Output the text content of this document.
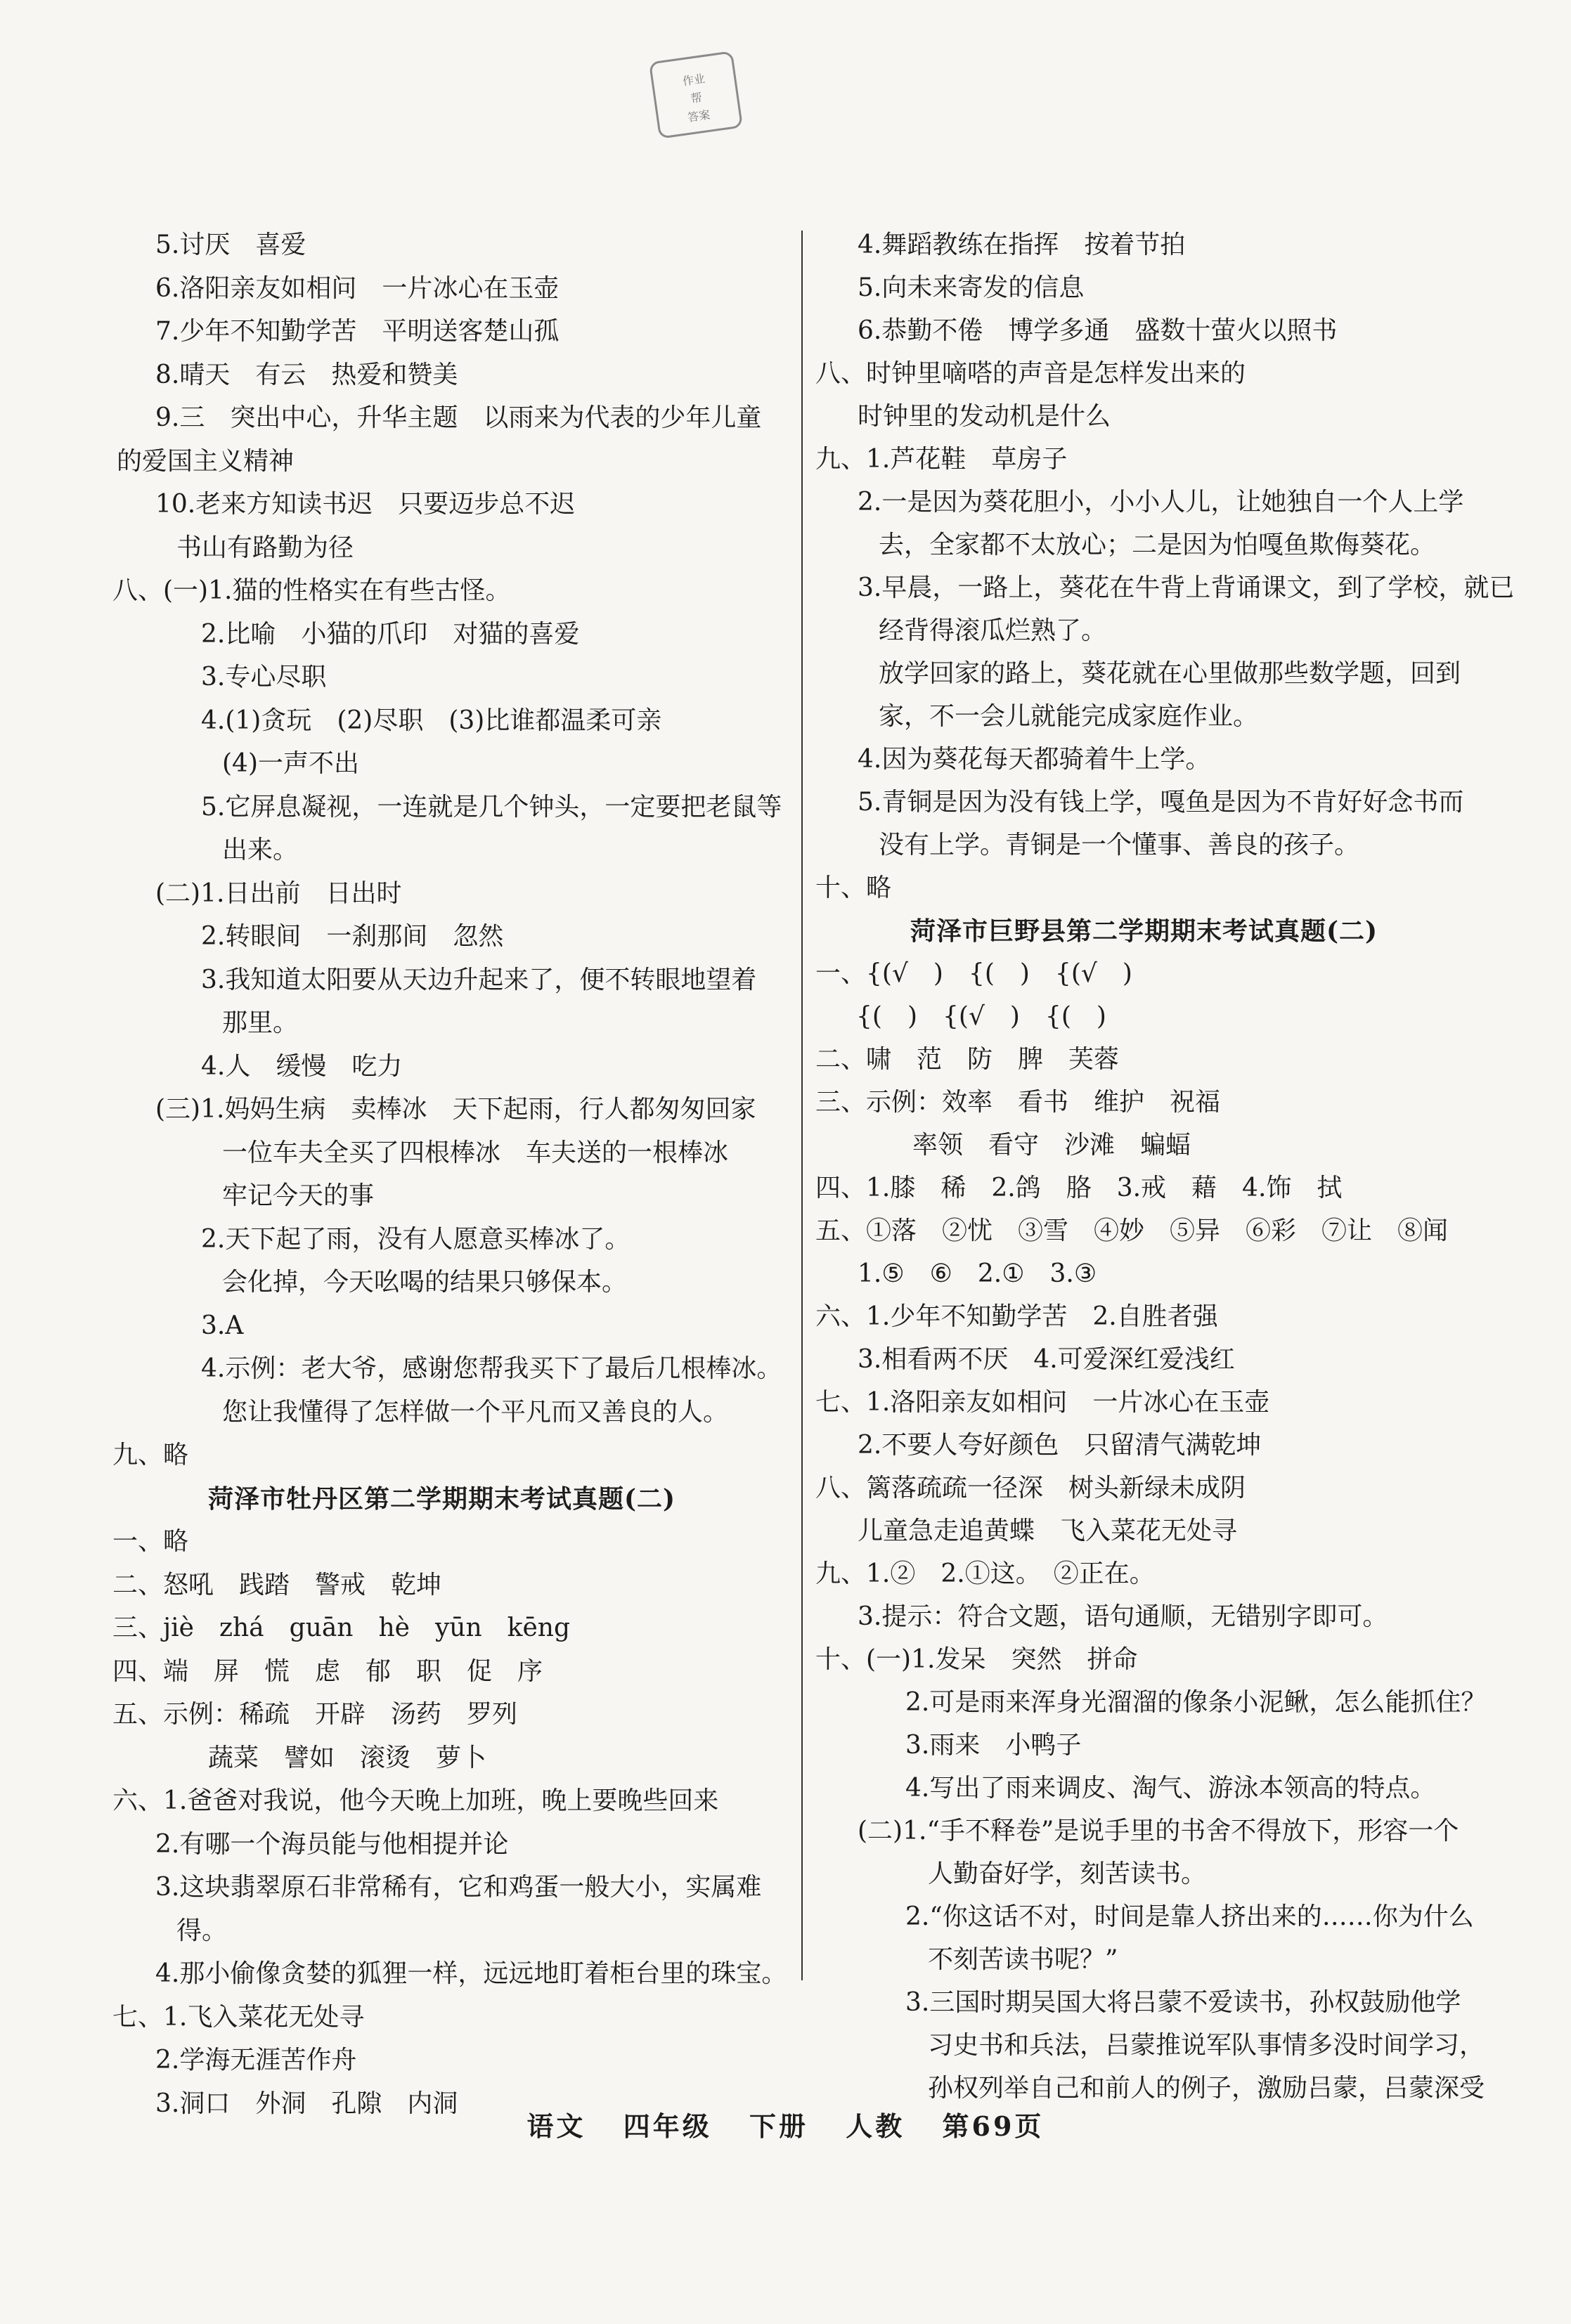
作业
帮
答案
5.讨厌　喜爱
6.洛阳亲友如相问　一片冰心在玉壶
7.少年不知勤学苦　平明送客楚山孤
8.晴天　有云　热爱和赞美
9.三　突出中心，升华主题　以雨来为代表的少年儿童
的爱国主义精神
10.老来方知读书迟　只要迈步总不迟
书山有路勤为径
八、(一)1.猫的性格实在有些古怪。
2.比喻　小猫的爪印　对猫的喜爱
3.专心尽职
4.(1)贪玩　(2)尽职　(3)比谁都温柔可亲
(4)一声不出
5.它屏息凝视，一连就是几个钟头，一定要把老鼠等
出来。
(二)1.日出前　日出时
2.转眼间　一刹那间　忽然
3.我知道太阳要从天边升起来了，便不转眼地望着
那里。
4.人　缓慢　吃力
(三)1.妈妈生病　卖棒冰　天下起雨，行人都匆匆回家
一位车夫全买了四根棒冰　车夫送的一根棒冰
牢记今天的事
2.天下起了雨，没有人愿意买棒冰了。
会化掉，今天吆喝的结果只够保本。
3.A
4.示例：老大爷，感谢您帮我买下了最后几根棒冰。
您让我懂得了怎样做一个平凡而又善良的人。
九、略
菏泽市牡丹区第二学期期末考试真题(二)
一、略
二、怒吼　践踏　警戒　乾坤
三、jiè　zhá　guān　hè　yūn　kēng
四、端　屏　慌　虑　郁　职　促　序
五、示例：稀疏　开辟　汤药　罗列
蔬菜　譬如　滚烫　萝卜
六、1.爸爸对我说，他今天晚上加班，晚上要晚些回来
2.有哪一个海员能与他相提并论
3.这块翡翠原石非常稀有，它和鸡蛋一般大小，实属难
得。
4.那小偷像贪婪的狐狸一样，远远地盯着柜台里的珠宝。
七、1.飞入菜花无处寻
2.学海无涯苦作舟
3.洞口　外洞　孔隙　内洞
4.舞蹈教练在指挥　按着节拍
5.向未来寄发的信息
6.恭勤不倦　博学多通　盛数十萤火以照书
八、时钟里嘀嗒的声音是怎样发出来的
时钟里的发动机是什么
九、1.芦花鞋　草房子
2.一是因为葵花胆小，小小人儿，让她独自一个人上学
去，全家都不太放心；二是因为怕嘎鱼欺侮葵花。
3.早晨，一路上，葵花在牛背上背诵课文，到了学校，就已
经背得滚瓜烂熟了。
放学回家的路上，葵花就在心里做那些数学题，回到
家，不一会儿就能完成家庭作业。
4.因为葵花每天都骑着牛上学。
5.青铜是因为没有钱上学，嘎鱼是因为不肯好好念书而
没有上学。青铜是一个懂事、善良的孩子。
十、略
菏泽市巨野县第二学期期末考试真题(二)
一、{(√　)　{(　)　{(√　)
{(　)　{(√　)　{(　)
二、啸　范　防　脾　芙蓉
三、示例：效率　看书　维护　祝福
率领　看守　沙滩　蝙蝠
四、1.膝　稀　2.鸽　胳　3.戒　藉　4.饰　拭
五、①落　②忧　③雪　④妙　⑤异　⑥彩　⑦让　⑧闻
1.⑤　⑥　2.①　3.③
六、1.少年不知勤学苦　2.自胜者强
3.相看两不厌　4.可爱深红爱浅红
七、1.洛阳亲友如相问　一片冰心在玉壶
2.不要人夸好颜色　只留清气满乾坤
八、篱落疏疏一径深　树头新绿未成阴
儿童急走追黄蝶　飞入菜花无处寻
九、1.②　2.①这。　②正在。
3.提示：符合文题，语句通顺，无错别字即可。
十、(一)1.发呆　突然　拼命
2.可是雨来浑身光溜溜的像条小泥鳅，怎么能抓住？
3.雨来　小鸭子
4.写出了雨来调皮、淘气、游泳本领高的特点。
(二)1.“手不释卷”是说手里的书舍不得放下，形容一个
人勤奋好学，刻苦读书。
2.“你这话不对，时间是靠人挤出来的……你为什么
不刻苦读书呢？”
3.三国时期吴国大将吕蒙不爱读书，孙权鼓励他学
习史书和兵法，吕蒙推说军队事情多没时间学习，
孙权列举自己和前人的例子，激励吕蒙，吕蒙深受
语文 四年级 下册 人教 第69页
